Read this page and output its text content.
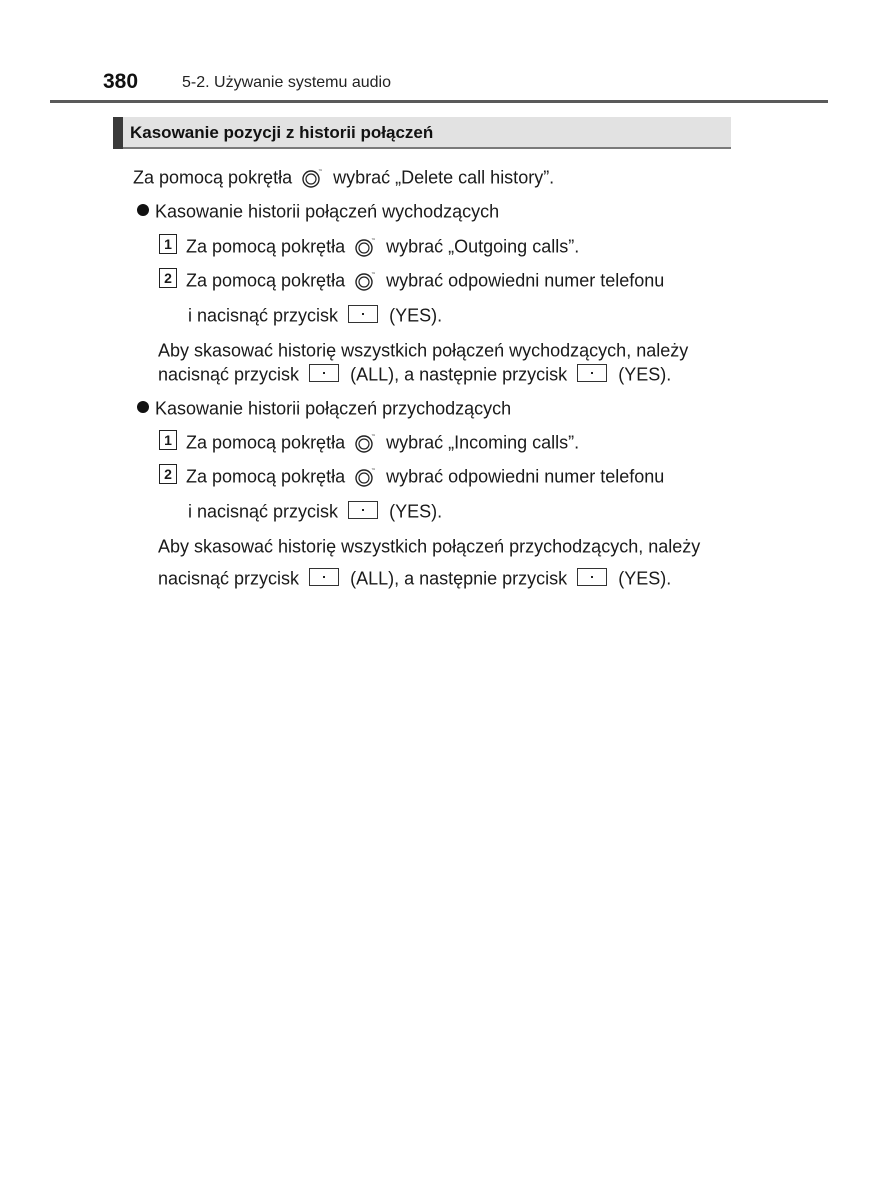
380	5-2. Używanie systemu audio
Kasowanie pozycji z historii połączeń
Za pomocą pokrętła	™ wybrać „Delete call history”.
Kasowanie historii połączeń wychodzących
1 Za pomocą pokrętła	™ wybrać „Outgoing calls”.
2 Za pomocą pokrętła	™ wybrać odpowiedni numer telefonu
i nacisnąć przycisk	(YES).
Aby skasować historię wszystkich połączeń wychodzących, należy
nacisnąć przycisk	(ALL), a następnie przycisk	(YES).
Kasowanie historii połączeń przychodzących
1 Za pomocą pokrętła	™ wybrać „Incoming calls”.
2 Za pomocą pokrętła	™ wybrać odpowiedni numer telefonu
i nacisnąć przycisk	(YES).
Aby skasować historię wszystkich połączeń przychodzących, należy
nacisnąć przycisk	(ALL), a następnie przycisk	(YES).
